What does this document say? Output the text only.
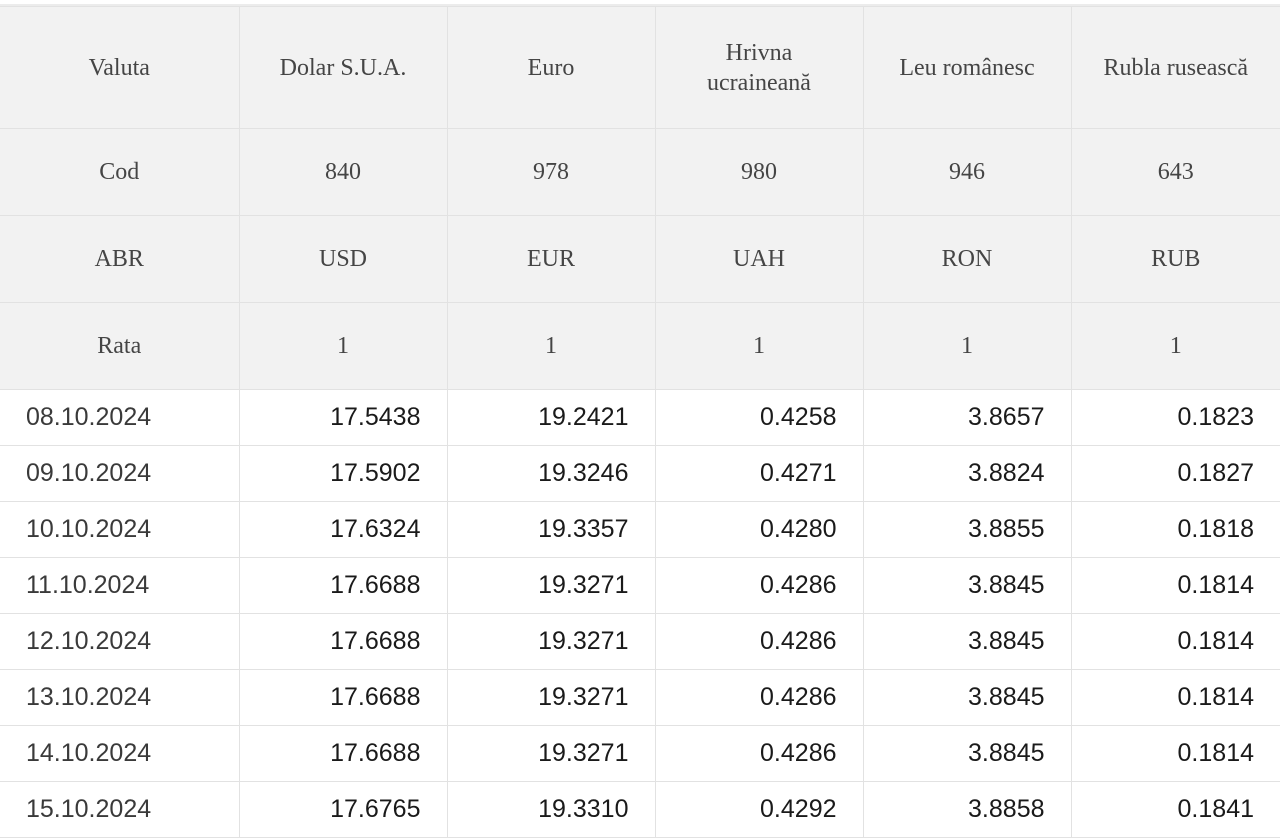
Valuta	Dolar S.U.A.	Euro	Hrivna ucraineană	Leu românesc	Rubla rusească
Cod	840	978	980	946	643
ABR	USD	EUR	UAH	RON	RUB
Rata	1	1	1	1	1
08.10.2024	17.5438	19.2421	0.4258	3.8657	0.1823
09.10.2024	17.5902	19.3246	0.4271	3.8824	0.1827
10.10.2024	17.6324	19.3357	0.4280	3.8855	0.1818
11.10.2024	17.6688	19.3271	0.4286	3.8845	0.1814
12.10.2024	17.6688	19.3271	0.4286	3.8845	0.1814
13.10.2024	17.6688	19.3271	0.4286	3.8845	0.1814
14.10.2024	17.6688	19.3271	0.4286	3.8845	0.1814
15.10.2024	17.6765	19.3310	0.4292	3.8858	0.1841
